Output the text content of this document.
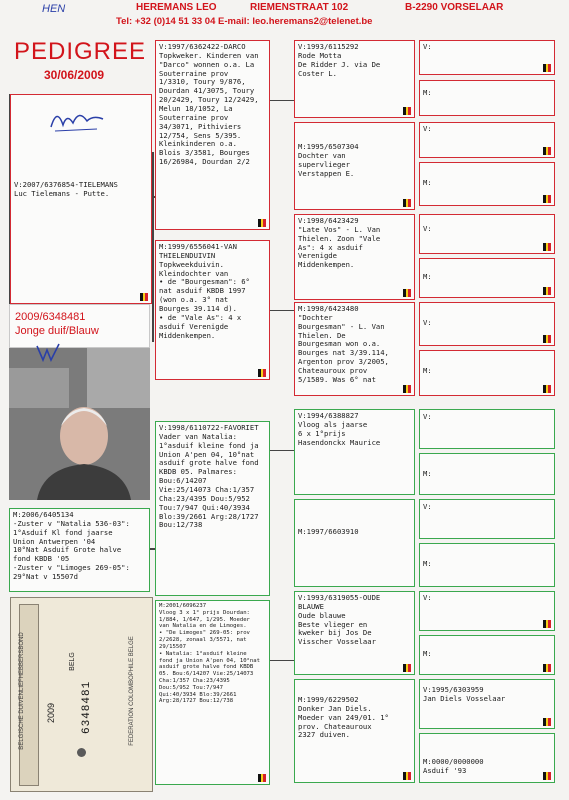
HEN	HEREMANS LEO	RIEMENSTRAAT 102	B-2290 VORSELAAR
Tel: +32 (0)14 51 33 04 E-mail: leo.heremans2@telenet.be
PEDIGREE
30/06/2009
2009/6348481
Jonge duif/Blauw
V:2007/6376854-TIELEMANS
Luc Tielemans - Putte.
M:2006/6405134
-Zuster v "Natalia 536-03":
1°Asduif Kl fond jaarse
Union Antwerpen '04
10°Nat Asduif Grote halve
fond KBDB '05
-Zuster v "Limoges 269-05":
29°Nat v 15507d
BELGISCHE DUIVENLIEFHEBBERSBOND 2009
BELG
6348481	FEDERATION COLOMBOPHILE BELGE
V:1997/6362422-DARCO
Topkweker. Kinderen van
"Darco" wonnen o.a. La
Souterraine prov
1/3310, Toury 9/876,
Dourdan 41/3075, Toury
20/2429, Toury 12/2429,
Melun 18/1052, La
Souterraine prov
34/3071, Pithiviers
12/754, Sens 5/395.
Kleinkinderen o.a.
Blois 3/3581, Bourges
16/26984, Dourdan 2/2
M:1999/6556041-VAN
THIELENDUIVIN
Topkweekduivin.
Kleindochter van
• de "Bourgesman": 6°
nat asduif KBDB 1997
(won o.a. 3° nat
Bourges 39.114 d).
• de "Vale As": 4 x
asduif Verenigde
Middenkempen.
V:1998/6110722-FAVORIET
Vader van Natalia:
1°asduif kleine fond ja
Union A'pen 04, 10°nat
asduif grote halve fond
KBDB 05. Palmares:
Bou:6/14207
Vie:25/14073 Cha:1/357
Cha:23/4395 Dou:5/952
Tou:7/947 Qui:40/3934
Blo:39/2661 Arg:28/1727
Bou:12/738
M:2001/6096237
Vloog 3 x 1° prijs Dourdan:
1/884, 1/647, 1/295. Moeder
van Natalia en de Limoges.
• "De Limoges" 269-05: prov
2/2628, zonaal 3/5571, nat
29/15507
• Natalia: 1°asduif kleine
fond ja Union A'pen 04, 10°nat
asduif grote halve fond KBDB
05. Bou:6/14207 Vie:25/14073
Cha:1/357 Cha:23/4395
Dou:5/952 Tou:7/947
Qui:40/3934 Blo:39/2661
Arg:28/1727 Bou:12/738
V:1993/6115292
Rode Motta
De Ridder J. via De
Coster L.
M:1995/6507304
Dochter van
supervlieger
Verstappen E.
V:1998/6423429
"Late Vos" - L. Van
Thielen. Zoon "Vale
As": 4 x asduif
Verenigde
Middenkempen.
M:1998/6423480
"Dochter
Bourgesman" - L. Van
Thielen. De
Bourgesman won o.a.
Bourges nat 3/39.114,
Argenton prov 3/2005,
Chateauroux prov
5/1589. Was 6° nat
V:1994/6388827
Vloog als jaarse
6 x 1°prijs
Hasendonckx Maurice
M:1997/6603910
V:1993/6319055-OUDE
BLAUWE
Oude blauwe
Beste vlieger en
kweker bij Jos De
Visscher Vosselaar
M:1999/6229502
Donker Jan Diels.
Moeder van 249/01. 1°
prov. Chateauroux
2327 duiven.
V:
M:
V:
M:
V:
M:
V:
M:
V:
M:
V:
M:
V:
M:
V:1995/6303959
Jan Diels Vosselaar
M:0000/0000000
Asduif '93
